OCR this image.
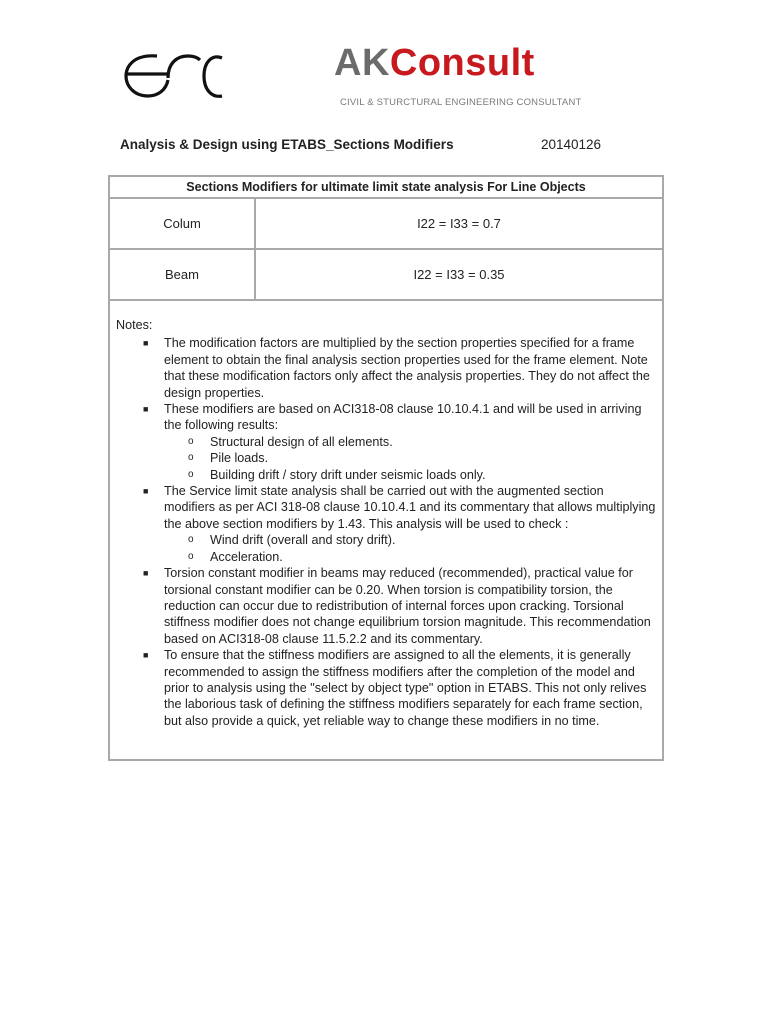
AKConsult
CIVIL & STURCTURAL ENGINEERING CONSULTANT
Analysis & Design using ETABS_Sections Modifiers	20140126
Sections Modifiers for ultimate limit state analysis For Line Objects
Colum	I22 = I33 = 0.7
Beam	I22 = I33 = 0.35

Notes:

■ The modification factors are multiplied by the section properties specified for a frame element to obtain the final analysis section properties used for the frame element. Note that these modification factors only affect the analysis properties. They do not affect the design properties.

■ These modifiers are based on ACI318-08 clause 10.10.4.1 and will be used in arriving the following results:

o Structural design of all elements.

o Pile loads.

o Building drift / story drift under seismic loads only.

■ The Service limit state analysis shall be carried out with the augmented section modifiers as per ACI 318-08 clause 10.10.4.1 and its commentary that allows multiplying the above section modifiers by 1.43. This analysis will be used to check :

o Wind drift (overall and story drift).

o Acceleration.

■ Torsion constant modifier in beams may reduced (recommended), practical value for torsional constant modifier can be 0.20. When torsion is compatibility torsion, the reduction can occur due to redistribution of internal forces upon cracking. Torsional stiffness modifier does not change equilibrium torsion magnitude. This recommendation based on ACI318-08 clause 11.5.2.2 and its commentary.

■ To ensure that the stiffness modifiers are assigned to all the elements, it is generally recommended to assign the stiffness modifiers after the completion of the model and prior to analysis using the "select by object type" option in ETABS. This not only relives the laborious task of defining the stiffness modifiers separately for each frame section, but also provide a quick, yet reliable way to change these modifiers in no time.
